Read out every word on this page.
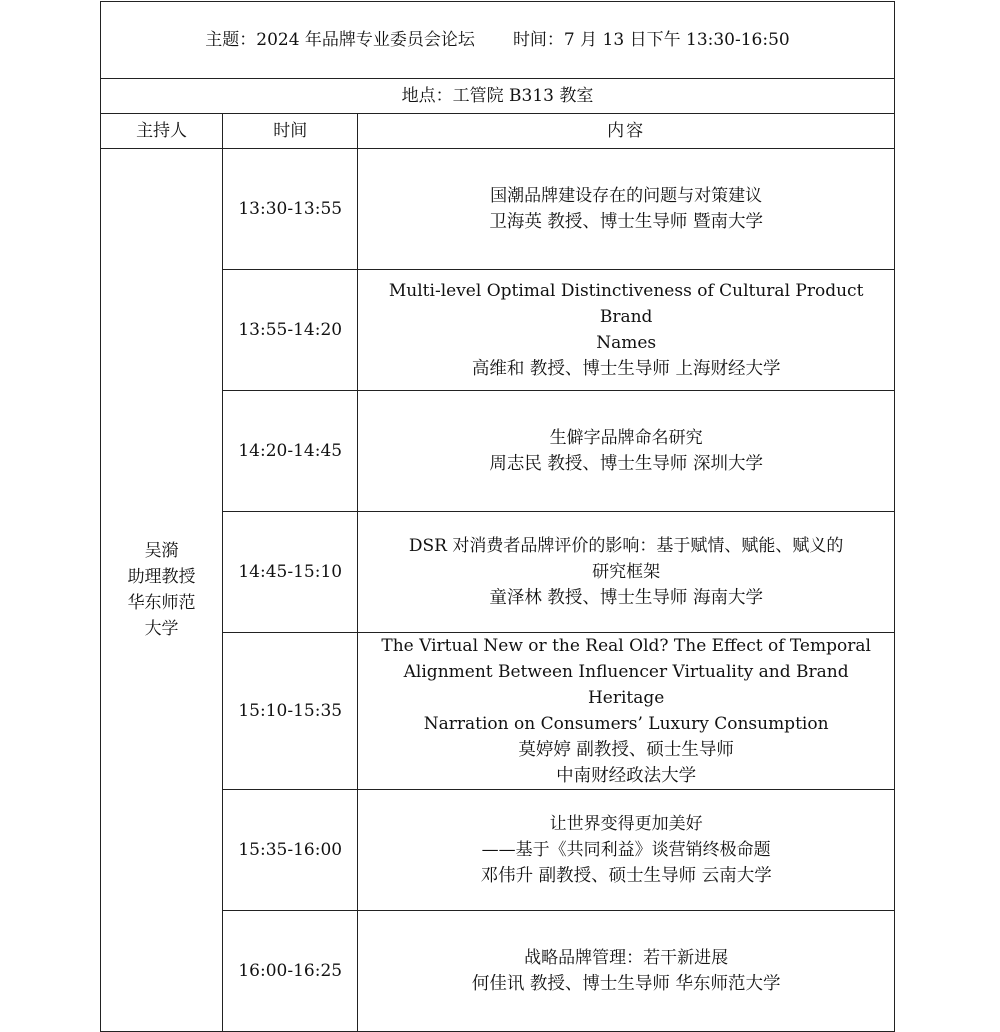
主题：2024 年品牌专业委员会论坛 时间：7 月 13 日下午 13:30-16:50		
地点：工管院 B313 教室		
主持人	时间	内容

吴漪
助理教授
华东师范
大学	13:30-13:55	国潮品牌建设存在的问题与对策建议
卫海英 教授、博士生导师 暨南大学

	13:55-14:20	Multi-level Optimal Distinctiveness of Cultural Product Brand
Names
高维和 教授、博士生导师 上海财经大学

	14:20-14:45	生僻字品牌命名研究
周志民 教授、博士生导师 深圳大学

	14:45-15:10	DSR 对消费者品牌评价的影响：基于赋情、赋能、赋义的
研究框架
童泽林 教授、博士生导师 海南大学

	15:10-15:35	The Virtual New or the Real Old? The Effect of Temporal
Alignment Between Influencer Virtuality and Brand Heritage
Narration on Consumers’ Luxury Consumption
莫婷婷 副教授、硕士生导师
中南财经政法大学

	15:35-16:00	让世界变得更加美好
——基于《共同利益》谈营销终极命题
邓伟升 副教授、硕士生导师 云南大学

	16:00-16:25	战略品牌管理：若干新进展
何佳讯 教授、博士生导师 华东师范大学
